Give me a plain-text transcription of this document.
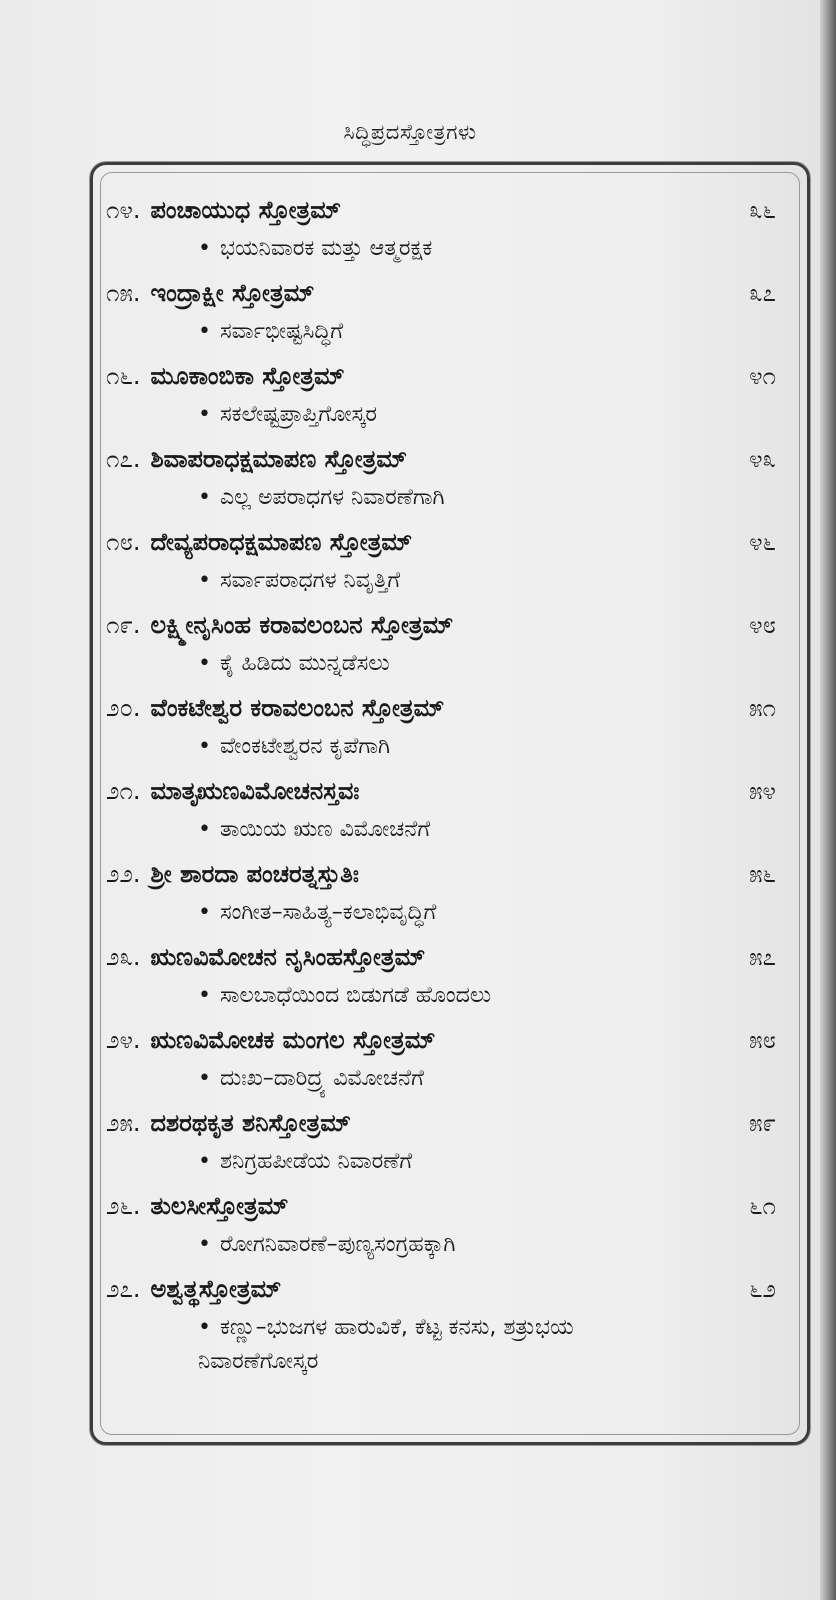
ಸಿದ್ಧಿಪ್ರದಸ್ತೋತ್ರಗಳು
೧೪. ಪಂಚಾಯುಧ ಸ್ತೋತ್ರಮ್	೩೬
• ಭಯನಿವಾರಕ ಮತ್ತು ಆತ್ಮರಕ್ಷಕ
೧೫. ಇಂದ್ರಾಕ್ಷೀ ಸ್ತೋತ್ರಮ್	೩೭
• ಸರ್ವಾಭೀಷ್ಟಸಿದ್ಧಿಗೆ
೧೬. ಮೂಕಾಂಬಿಕಾ ಸ್ತೋತ್ರಮ್	೪೧
• ಸಕಲೇಷ್ಟಪ್ರಾಪ್ತಿಗೋಸ್ಕರ
೧೭. ಶಿವಾಪರಾಧಕ್ಷಮಾಪಣ ಸ್ತೋತ್ರಮ್	೪೩
• ಎಲ್ಲ ಅಪರಾಧಗಳ ನಿವಾರಣೆಗಾಗಿ
೧೮. ದೇವ್ಯಪರಾಧಕ್ಷಮಾಪಣ ಸ್ತೋತ್ರಮ್	೪೬
• ಸರ್ವಾಪರಾಧಗಳ ನಿವೃತ್ತಿಗೆ
೧೯. ಲಕ್ಷ್ಮೀನೃಸಿಂಹ ಕರಾವಲಂಬನ ಸ್ತೋತ್ರಮ್	೪೮
• ಕೈ ಹಿಡಿದು ಮುನ್ನಡೆಸಲು
೨೦. ವೆಂಕಟೇಶ್ವರ ಕರಾವಲಂಬನ ಸ್ತೋತ್ರಮ್	೫೧
• ವೇಂಕಟೇಶ್ವರನ ಕೃಪೆಗಾಗಿ
೨೧. ಮಾತೃಋಣವಿಮೋಚನಸ್ತವಃ	೫೪
• ತಾಯಿಯ ಋಣ ವಿಮೋಚನೆಗೆ
೨೨. ಶ್ರೀ ಶಾರದಾ ಪಂಚರತ್ನಸ್ತುತಿಃ	೫೬
• ಸಂಗೀತ–ಸಾಹಿತ್ಯ–ಕಲಾಭಿವೃದ್ಧಿಗೆ
೨೩. ಋಣವಿಮೋಚನ ನೃಸಿಂಹಸ್ತೋತ್ರಮ್	೫೭
• ಸಾಲಬಾಧೆಯಿಂದ ಬಿಡುಗಡೆ ಹೊಂದಲು
೨೪. ಋಣವಿಮೋಚಕ ಮಂಗಲ ಸ್ತೋತ್ರಮ್	೫೮
• ದುಃಖ–ದಾರಿದ್ರ್ಯ ವಿಮೋಚನೆಗೆ
೨೫. ದಶರಥಕೃತ ಶನಿಸ್ತೋತ್ರಮ್	೫೯
• ಶನಿಗ್ರಹಪೀಡೆಯ ನಿವಾರಣೆಗೆ
೨೬. ತುಲಸೀಸ್ತೋತ್ರಮ್	೬೧
• ರೋಗನಿವಾರಣೆ–ಪುಣ್ಯಸಂಗ್ರಹಕ್ಕಾಗಿ
೨೭. ಅಶ್ವತ್ಥಸ್ತೋತ್ರಮ್	೬೨
• ಕಣ್ಣು–ಭುಜಗಳ ಹಾರುವಿಕೆ, ಕೆಟ್ಟ ಕನಸು, ಶತ್ರುಭಯ ನಿವಾರಣೆಗೋಸ್ಕರ
